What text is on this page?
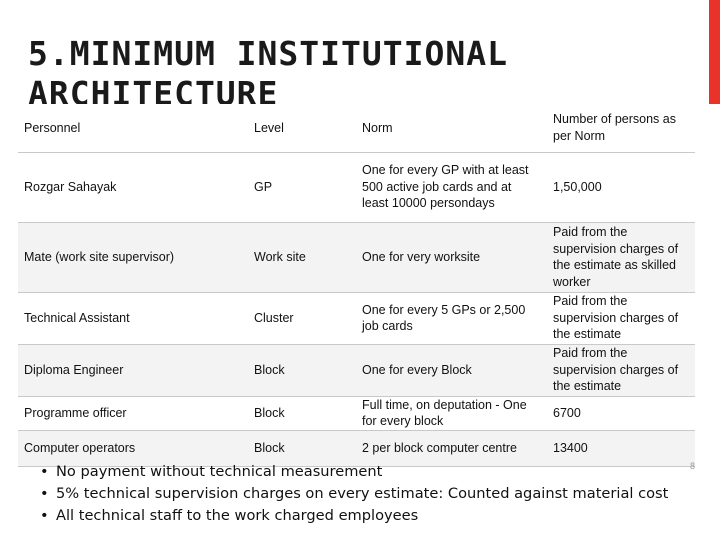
5.MINIMUM INSTITUTIONAL ARCHITECTURE
Personnel	Level	Norm	Number of persons as per Norm
Rozgar Sahayak	GP	One for every GP with at least 500 active job cards and at least 10000 persondays	1,50,000
Mate (work site supervisor)	Work site	One for very worksite	Paid from the supervision charges of the estimate as skilled worker
Technical Assistant	Cluster	One for every 5 GPs or 2,500 job cards	Paid from the supervision charges of the estimate
Diploma Engineer	Block	One for every Block	Paid from the supervision charges of the estimate
Programme officer	Block	Full time, on deputation - One for every block	6700
Computer operators	Block	2 per block computer centre	13400
• No payment without technical measurement
• 5% technical supervision charges on every estimate: Counted against material cost
• All technical staff to the work charged employees
8
